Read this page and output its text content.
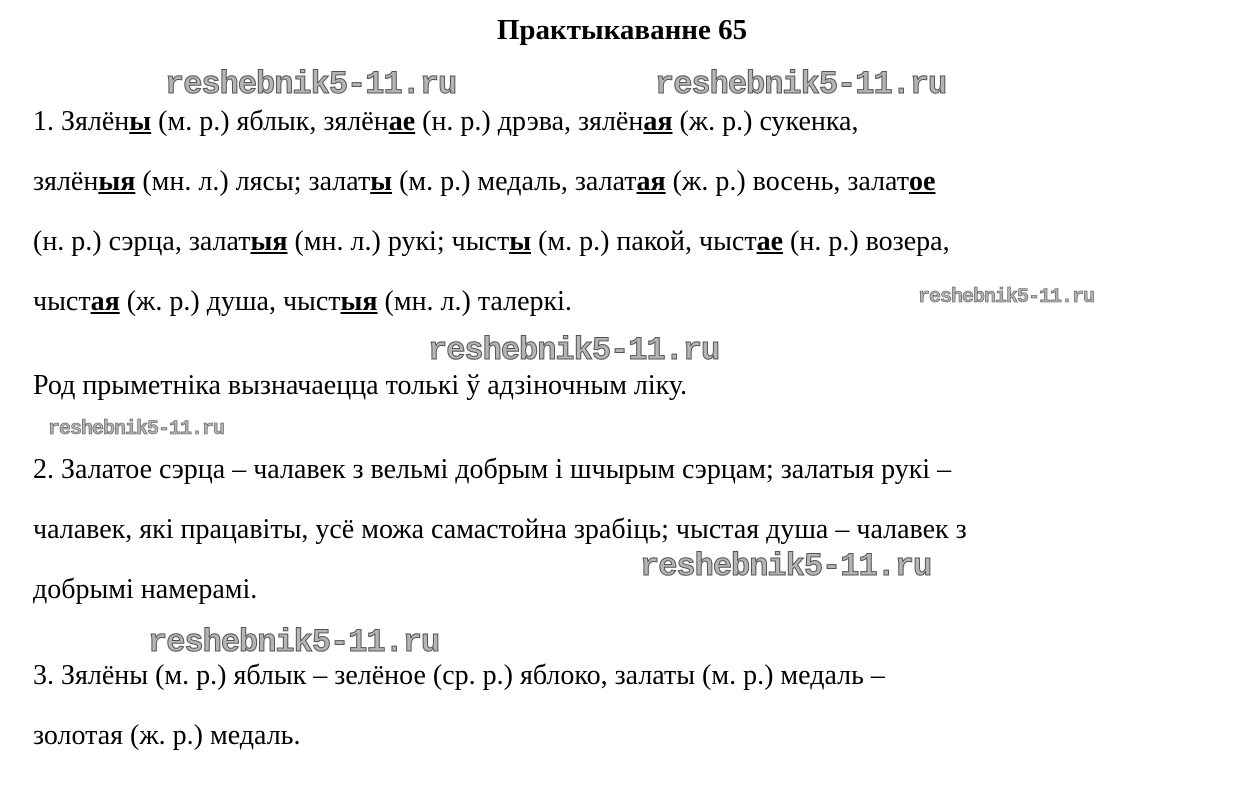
Практыкаванне 65
reshebnik5-11.ru	reshebnik5-11.ru
reshebnik5-11.ru
reshebnik5-11.ru
reshebnik5-11.ru
reshebnik5-11.ru
reshebnik5-11.ru

1. Зялёны (м. р.) яблык, зялёнае (н. р.) дрэва, зялёная (ж. р.) сукенка,

зялёныя (мн. л.) лясы; залаты (м. р.) медаль, залатая (ж. р.) восень, залатое

(н. р.) сэрца, залатыя (мн. л.) рукі; чысты (м. р.) пакой, чыстае (н. р.) возера,

чыстая (ж. р.) душа, чыстыя (мн. л.) талеркі.

Род прыметніка вызначаецца толькі ў адзіночным ліку.

2. Залатое сэрца – чалавек з вельмі добрым і шчырым сэрцам; залатыя рукі –

чалавек, які працавіты, усё можа самастойна зрабіць; чыстая душа – чалавек з

добрымі намерамі.

3. Зялёны (м. р.) яблык – зелёное (ср. р.) яблоко, залаты (м. р.) медаль –

золотая (ж. р.) медаль.
